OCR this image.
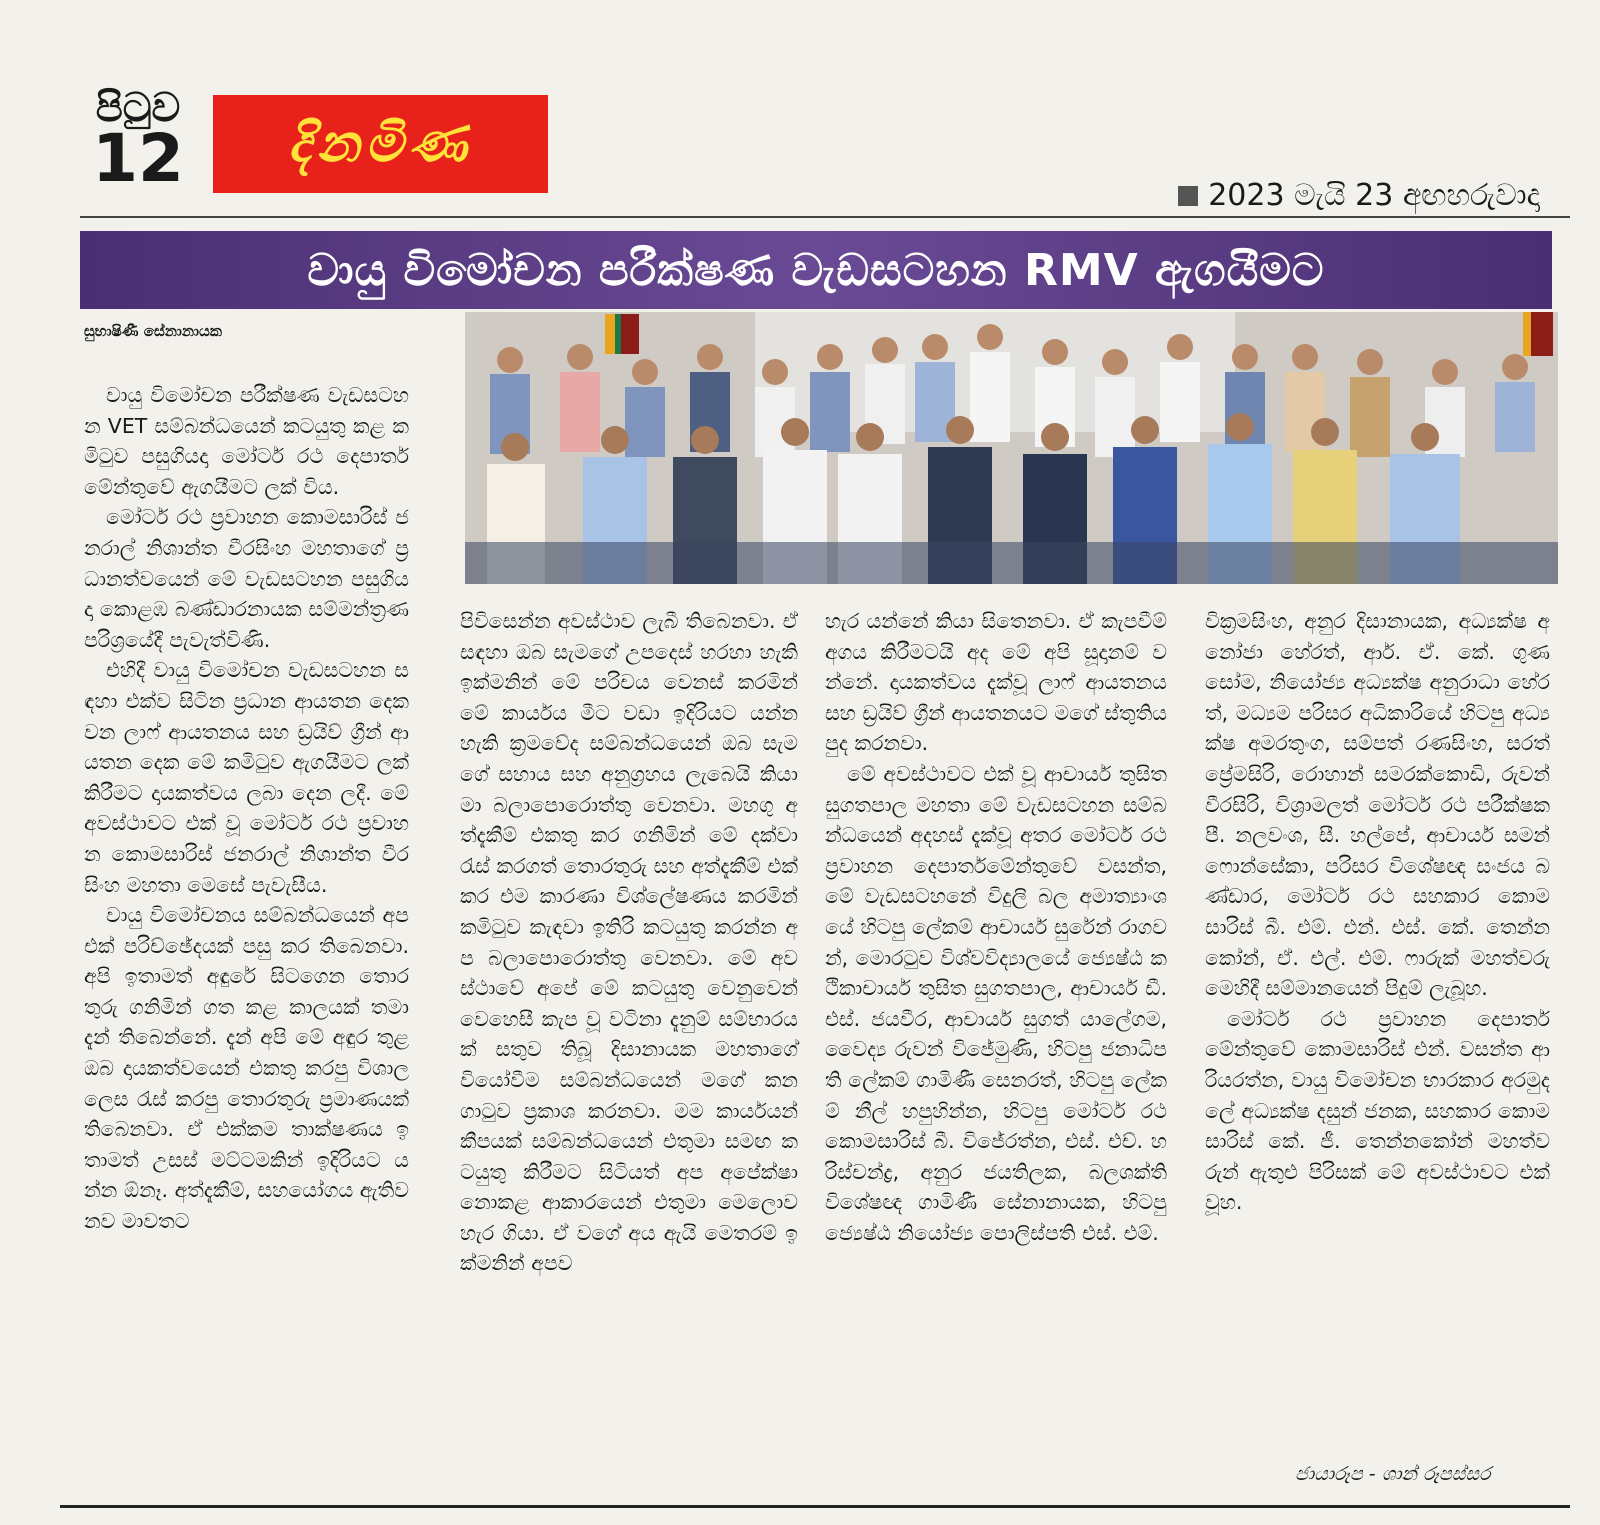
පිටුව
12	දිනමිණ
2023 මැයි 23 අඟහරුවාදා
වායු විමෝචන පරීක්ෂණ වැඩසටහන RMV ඇගයීමට
සුභාෂිණී සේනානායක

වායු විමෝචන පරීක්ෂණ වැඩසටහන VET සම්බන්ධයෙන් කටයුතු කළ කමිටුව පසුගියදා මෝටර් රථ දෙපාර්තමේන්තුවේ ඇගයීමට ලක් විය.

මෝටර් රථ ප්‍රවාහන කොමසාරිස් ජනරාල් නිශාන්ත වීරසිංහ මහතාගේ ප්‍රධානත්වයෙන් මේ වැඩසටහන පසුගියදා කොළඹ බණ්ඩාරනායක සම්මන්ත්‍රණ පරිශ්‍රයේදී පැවැත්විණි.

එහිදී වායු විමෝචන වැඩසටහන සඳහා එක්ව සිටින ප්‍රධාන ආයතන දෙක වන ලාෆ් ආයතනය සහ ඩ්‍රයිව් ග්‍රීන් ආයතන දෙක මේ කමිටුව ඇගයීමට ලක් කිරීමට දායකත්වය ලබා දෙන ලදී. මේ අවස්ථාවට එක් වූ මෝටර් රථ ප්‍රවාහන කොමසාරිස් ජනරාල් නිශාන්ත වීරසිංහ මහතා මෙසේ පැවැසීය.

වායු විමෝචනය සම්බන්ධයෙන් අප එක් පරිච්ඡේදයක් පසු කර තිබෙනවා. අපි ඉතාමත් අඳුරේ සිටගෙන තොරතුරු ගනිමින් ගත කළ කාලයක් තමා දැන් තිබෙන්නේ. දැන් අපි මේ අඳුර තුළ ඔබ දායකත්වයෙන් එකතු කරපු විශාල ලෙස රැස් කරපු තොරතුරු ප්‍රමාණයක් තිබෙනවා. ඒ එක්කම තාක්ෂණය ඉතාමත් උසස් මට්ටමකින් ඉදිරියට යන්න ඕනෑ. අත්දැකීම්, සහයෝගය ඇතිව නව මාවතට

පිවිසෙන්න අවස්ථාව ලැබී තිබෙනවා. ඒ සඳහා ඔබ සැමගේ උපදෙස් හරහා හැකි ඉක්මනින් මේ පරිචය වෙනස් කරමින් මේ කාර්යය මීට වඩා ඉදිරියට යන්න හැකි ක්‍රමවේද සම්බන්ධයෙන් ඔබ සැමගේ සහාය සහ අනුග්‍රහය ලැබෙයි කියා මා බලාපොරොත්තු වෙනවා. මහගු අත්දැකීම් එකතු කර ගනිමින් මේ දක්වා රැස් කරගත් තොරතුරු සහ අත්දැකීම් එක් කර එම කාරණා විශ්ලේෂණය කරමින් කමිටුව කැඳවා ඉතිරි කටයුතු කරන්න අප බලාපොරොත්තු වෙනවා. මේ අවස්ථාවේ අපේ මේ කටයුතු වෙනුවෙන් වෙහෙසී කැප වූ වටිනා දැනුම් සම්භාරයක් සතුව තිබූ දිසානායක මහතාගේ වියෝවීම සම්බන්ධයෙන් මගේ කනගාටුව ප්‍රකාශ කරනවා. මම කාර්යයන් කීපයක් සම්බන්ධයෙන් එතුමා සමඟ කටයුතු කිරීමට සිටියත් අප අපේක්ෂා නොකළ ආකාරයෙන් එතුමා මෙලොව හැර ගියා. ඒ වගේ අය ඇයි මෙතරම් ඉක්මනින් අපව

හැර යන්නේ කියා සිතෙනවා. ඒ කැපවීම් අගය කිරීමටයි අද මේ අපි සූදානම් වන්නේ. දායකත්වය දැක්වූ ලාෆ් ආයතනය සහ ඩ්‍රයිව් ග්‍රීන් ආයතනයට මගේ ස්තුතිය පුද කරනවා.

මේ අවස්ථාවට එක් වූ ආචාර්ය තුසිත සුගතපාල මහතා මේ වැඩසටහන සම්බන්ධයෙන් අදහස් දැක්වූ අතර මෝටර් රථ ප්‍රවාහන දෙපාර්තමේන්තුවේ වසන්ත, මේ වැඩසටහනේ විදුලි බල අමාත්‍යාංශයේ හිටපු ලේකම් ආචාර්ය සුරේන් රාගවන්, මොරටුව විශ්වවිද්‍යාලයේ ජ්‍යෙෂ්ඨ කථිකාචාර්ය තුසිත සුගතපාල, ආචාර්ය ඩී. එස්. ජයවීර, ආචාර්ය සුගත් යාලේගම, වෛද්‍ය රුවන් විජේමුණි, හිටපු ජනාධිපති ලේකම් ගාමිණී සෙනරත්, හිටපු ලේකම් නීල් හපුහින්න, හිටපු මෝටර් රථ කොමසාරිස් බී. විජේරත්න, එස්. එච්. හරිස්චන්ද්‍ර, අනුර ජයතිලක, බලශක්ති විශේෂඥ ගාමිණී සේනානායක, හිටපු ජ්‍යෙෂ්ඨ නියෝජ්‍ය පොලිස්පති එස්. එම්.

වික්‍රමසිංහ, අනුර දිසානායක, අධ්‍යක්ෂ අනෝජා හේරත්, ආර්. ඒ. කේ. ගුණසෝම, නියෝජ්‍ය අධ්‍යක්ෂ අනුරාධා හේරත්, මධ්‍යම පරිසර අධිකාරියේ හිටපු අධ්‍යක්ෂ අමරතුංග, සම්පත් රණසිංහ, සරත් ප්‍රේමසිරි, රොහාන් සමරක්කොඩි, රුවන් වීරසිරි, විශ්‍රාමලත් මෝටර් රථ පරීක්ෂක පී. නලවංශ, සී. හල්පේ, ආචාර්ය සමන් ෆොන්සේකා, පරිසර විශේෂඥ සංජය බණ්ඩාර, මෝටර් රථ සහකාර කොමසාරිස් බී. එම්. එන්. එස්. කේ. තෙන්නකෝන්, ඒ. එල්. එම්. ෆාරුක් මහත්වරු මෙහිදී සම්මානයෙන් පිදුම් ලැබූහ.

මෝටර් රථ ප්‍රවාහන දෙපාර්තමේන්තුවේ කොමසාරිස් එන්. වසන්ත ආරියරත්න, වායු විමෝචන භාරකාර අරමුදලේ අධ්‍යක්ෂ දසුන් ජනක, සහකාර කොමසාරිස් කේ. ජී. තෙන්නකෝන් මහත්වරුන් ඇතුළු පිරිසක් මේ අවස්ථාවට එක් වූහ.

ජායාරූප - ශාන් රූපස්සර
